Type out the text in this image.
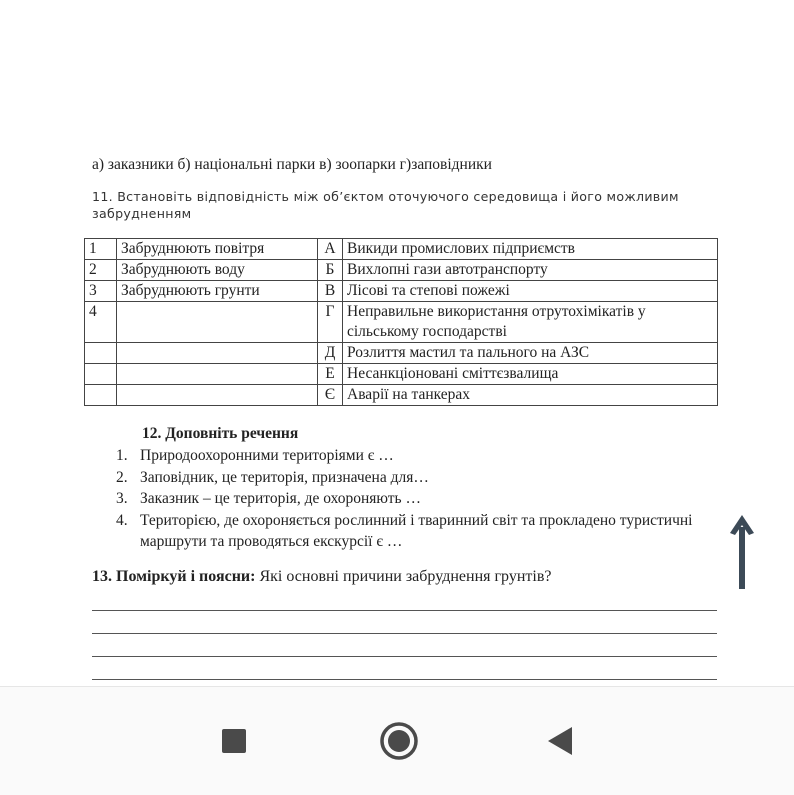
а) заказники б) національні парки в) зоопарки г)заповідники
11. Встановіть відповідність між об’єктом оточуючого середовища і його можливим забрудненням
1	Забруднюють повітря	А	Викиди промислових підприємств
2	Забруднюють воду	Б	Вихлопні гази автотранспорту
3	Забруднюють грунти	В	Лісові та степові пожежі
4		Г	Неправильне використання отрутохімікатів у сільському господарстві
		Д	Розлиття мастил та пального на АЗС
		Е	Несанкціоновані сміттєзвалища
		Є	Аварії на танкерах
12. Доповніть речення
1. Природоохоронними територіями є …
2. Заповідник, це територія, призначена для…
3. Заказник – це територія, де охороняють …
4. Територією, де охороняється рослинний і тваринний світ та прокладено туристичні маршрути та проводяться екскурсії є …
13. Поміркуй і поясни: Які основні причини забруднення грунтів?
